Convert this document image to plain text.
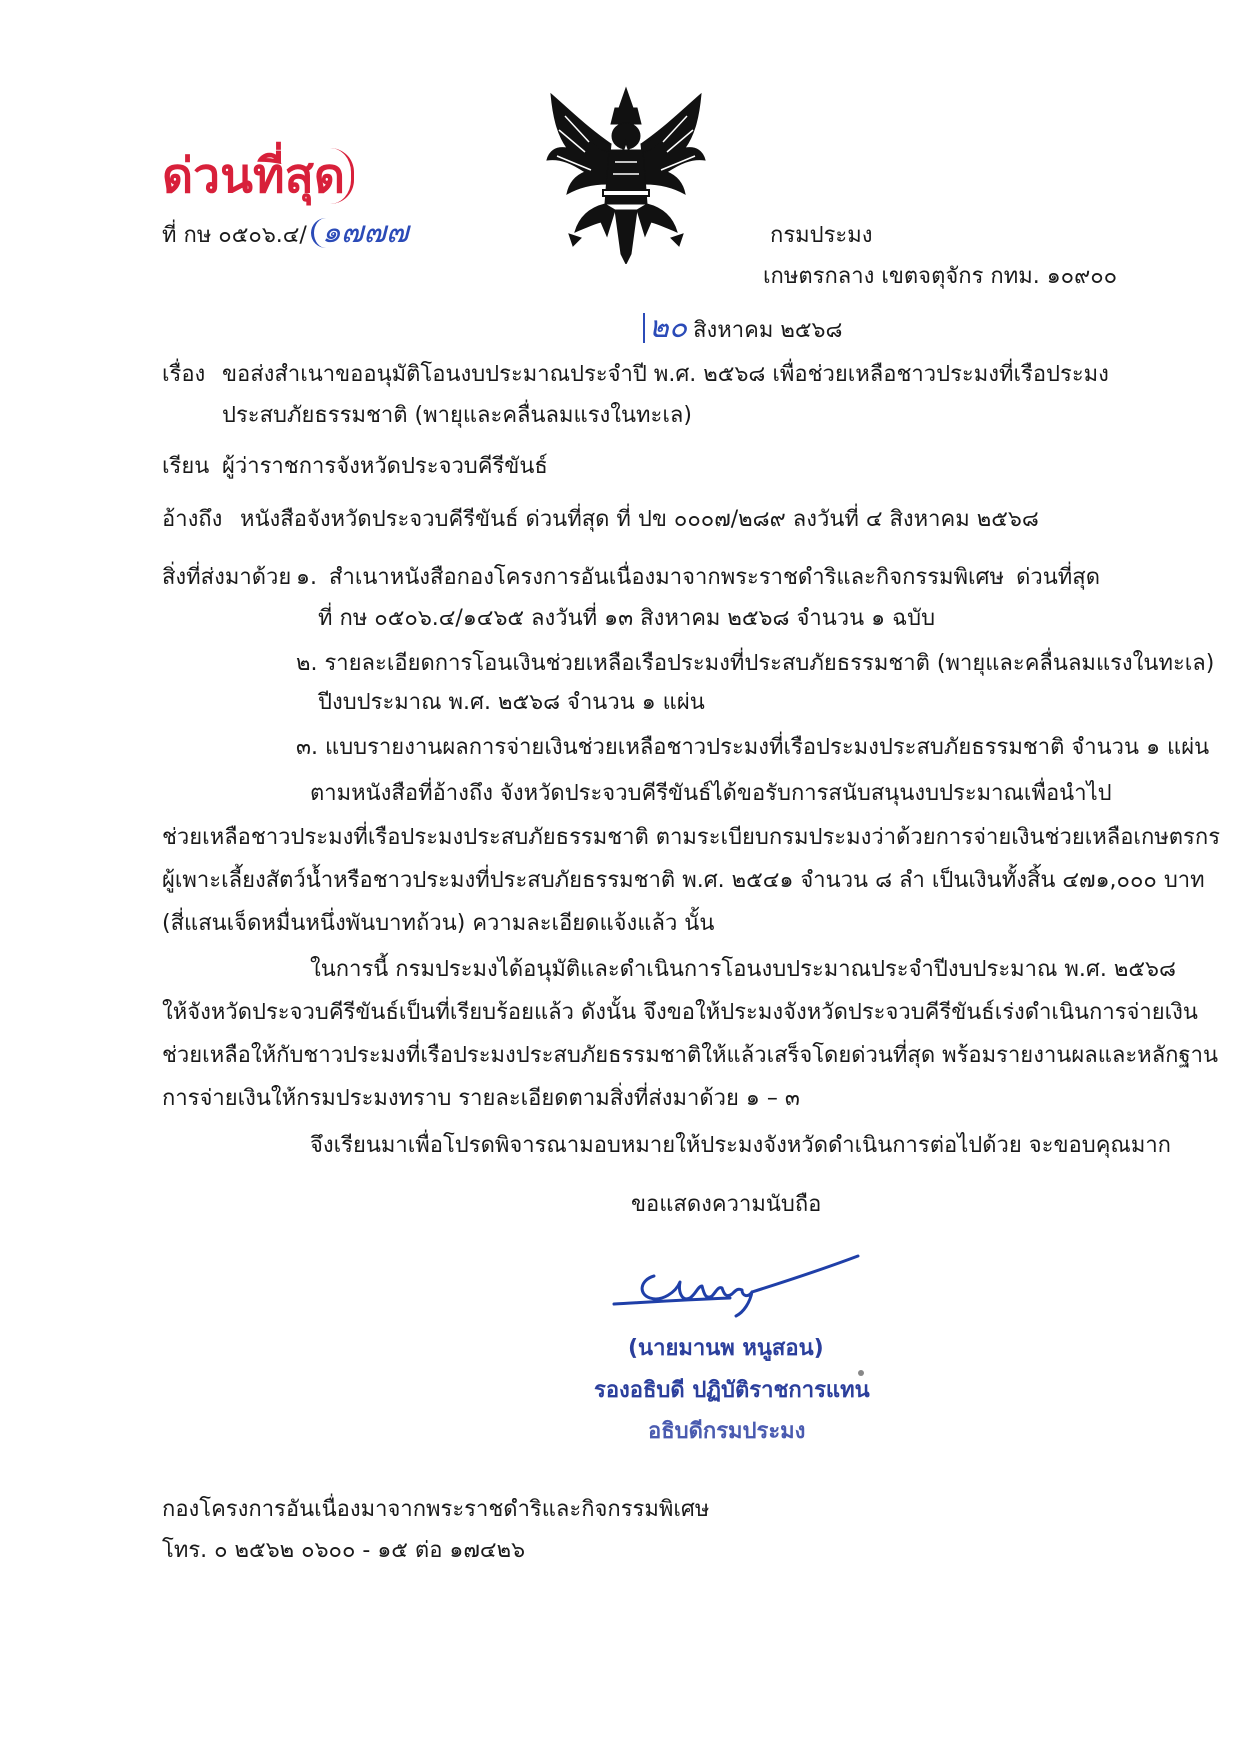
ด่วนที่สุด
ที่ กษ ๐๕๐๖.๔/ ๑๗๗๗	กรมประมง
เกษตรกลาง เขตจตุจักร กทม. ๑๐๙๐๐
๒๐ สิงหาคม ๒๕๖๘
เรื่อง ขอส่งสำเนาขออนุมัติโอนงบประมาณประจำปี พ.ศ. ๒๕๖๘ เพื่อช่วยเหลือชาวประมงที่เรือประมง
ประสบภัยธรรมชาติ (พายุและคลื่นลมแรงในทะเล)
เรียน ผู้ว่าราชการจังหวัดประจวบคีรีขันธ์
อ้างถึง หนังสือจังหวัดประจวบคีรีขันธ์ ด่วนที่สุด ที่ ปข ๐๐๐๗/๒๘๙ ลงวันที่ ๔ สิงหาคม ๒๕๖๘
สิ่งที่ส่งมาด้วย ๑. สำเนาหนังสือกองโครงการอันเนื่องมาจากพระราชดำริและกิจกรรมพิเศษ ด่วนที่สุด
ที่ กษ ๐๕๐๖.๔/๑๔๖๕ ลงวันที่ ๑๓ สิงหาคม ๒๕๖๘ จำนวน ๑ ฉบับ
๒. รายละเอียดการโอนเงินช่วยเหลือเรือประมงที่ประสบภัยธรรมชาติ (พายุและคลื่นลมแรงในทะเล)
ปีงบประมาณ พ.ศ. ๒๕๖๘ จำนวน ๑ แผ่น
๓. แบบรายงานผลการจ่ายเงินช่วยเหลือชาวประมงที่เรือประมงประสบภัยธรรมชาติ จำนวน ๑ แผ่น
ตามหนังสือที่อ้างถึง จังหวัดประจวบคีรีขันธ์ได้ขอรับการสนับสนุนงบประมาณเพื่อนำไป
ช่วยเหลือชาวประมงที่เรือประมงประสบภัยธรรมชาติ ตามระเบียบกรมประมงว่าด้วยการจ่ายเงินช่วยเหลือเกษตรกร
ผู้เพาะเลี้ยงสัตว์น้ำหรือชาวประมงที่ประสบภัยธรรมชาติ พ.ศ. ๒๕๔๑ จำนวน ๘ ลำ เป็นเงินทั้งสิ้น ๔๗๑,๐๐๐ บาท
(สี่แสนเจ็ดหมื่นหนึ่งพันบาทถ้วน) ความละเอียดแจ้งแล้ว นั้น
ในการนี้ กรมประมงได้อนุมัติและดำเนินการโอนงบประมาณประจำปีงบประมาณ พ.ศ. ๒๕๖๘
ให้จังหวัดประจวบคีรีขันธ์เป็นที่เรียบร้อยแล้ว ดังนั้น จึงขอให้ประมงจังหวัดประจวบคีรีขันธ์เร่งดำเนินการจ่ายเงิน
ช่วยเหลือให้กับชาวประมงที่เรือประมงประสบภัยธรรมชาติให้แล้วเสร็จโดยด่วนที่สุด พร้อมรายงานผลและหลักฐาน
การจ่ายเงินให้กรมประมงทราบ รายละเอียดตามสิ่งที่ส่งมาด้วย ๑ – ๓
จึงเรียนมาเพื่อโปรดพิจารณามอบหมายให้ประมงจังหวัดดำเนินการต่อไปด้วย จะขอบคุณมาก
ขอแสดงความนับถือ
(นายมานพ หนูสอน)
รองอธิบดี ปฏิบัติราชการแทน
อธิบดีกรมประมง
กองโครงการอันเนื่องมาจากพระราชดำริและกิจกรรมพิเศษ
โทร. ๐ ๒๕๖๒ ๐๖๐๐ - ๑๕ ต่อ ๑๗๔๒๖
